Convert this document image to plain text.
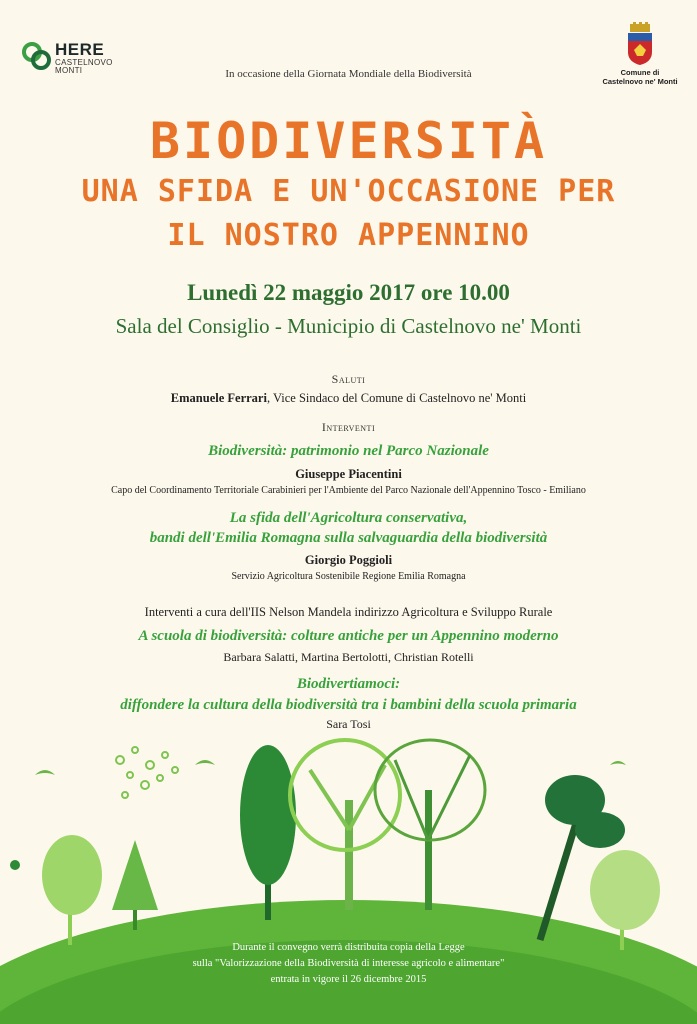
HERE
CASTELNOVO
MONTI	Comune di
Castelnovo ne' Monti
In occasione della Giornata Mondiale della Biodiversità
BIODIVERSITÀ
UNA SFIDA E UN'OCCASIONE PER
IL NOSTRO APPENNINO
Lunedì 22 maggio 2017 ore 10.00
Sala del Consiglio - Municipio di Castelnovo ne' Monti
Saluti
Emanuele Ferrari, Vice Sindaco del Comune di Castelnovo ne' Monti
Interventi
Biodiversità: patrimonio nel Parco Nazionale
Giuseppe Piacentini
Capo del Coordinamento Territoriale Carabinieri per l'Ambiente del Parco Nazionale dell'Appennino Tosco - Emiliano
La sfida dell'Agricoltura conservativa,
bandi dell'Emilia Romagna sulla salvaguardia della biodiversità
Giorgio Poggioli
Servizio Agricoltura Sostenibile Regione Emilia Romagna
Interventi a cura dell'IIS Nelson Mandela indirizzo Agricoltura e Sviluppo Rurale
A scuola di biodiversità: colture antiche per un Appennino moderno
Barbara Salatti, Martina Bertolotti, Christian Rotelli
Biodivertiamoci:
diffondere la cultura della biodiversità tra i bambini della scuola primaria
Sara Tosi
Durante il convegno verrà distribuita copia della Legge
sulla "Valorizzazione della Biodiversità di interesse agricolo e alimentare"
entrata in vigore il 26 dicembre 2015
